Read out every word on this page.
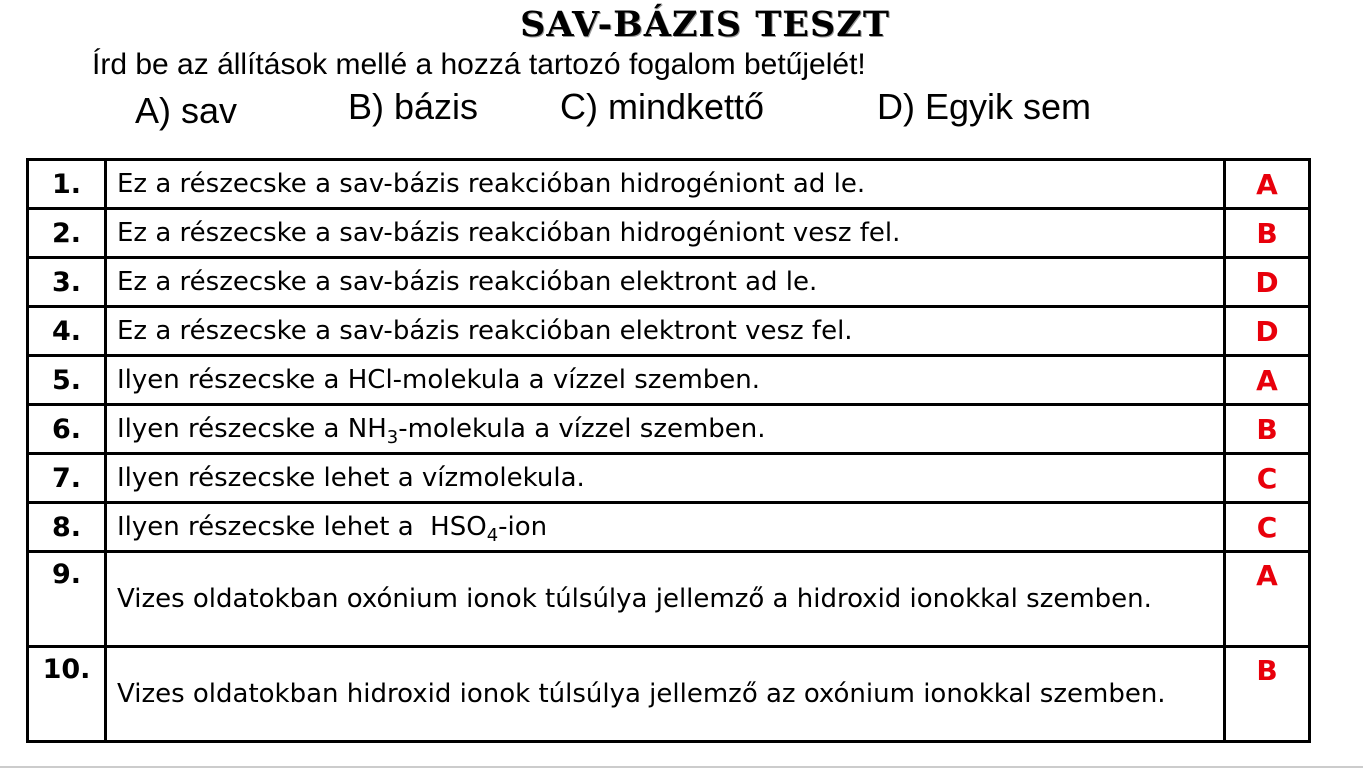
SAV-BÁZIS TESZT
Írd be az állítások mellé a hozzá tartozó fogalom betűjelét!
A) sav	B) bázis C) mindkettő	D) Egyik sem
1.	Ez a részecske a sav-bázis reakcióban hidrogéniont ad le.	A
2.	Ez a részecske a sav-bázis reakcióban hidrogéniont vesz fel.	B
3.	Ez a részecske a sav-bázis reakcióban elektront ad le.	D
4.	Ez a részecske a sav-bázis reakcióban elektront vesz fel.	D
5.	Ilyen részecske a HCl-molekula a vízzel szemben.	A
6.	Ilyen részecske a $NH_3$-molekula a vízzel szemben.	B
7.	Ilyen részecske lehet a vízmolekula.	C
8.	Ilyen részecske lehet a  $HSO_4$-ion	C
9.	Vizes oldatokban oxónium ionok túlsúlya jellemző a hidroxid ionokkal szemben.	A
10.	Vizes oldatokban hidroxid ionok túlsúlya jellemző az oxónium ionokkal szemben.	B
